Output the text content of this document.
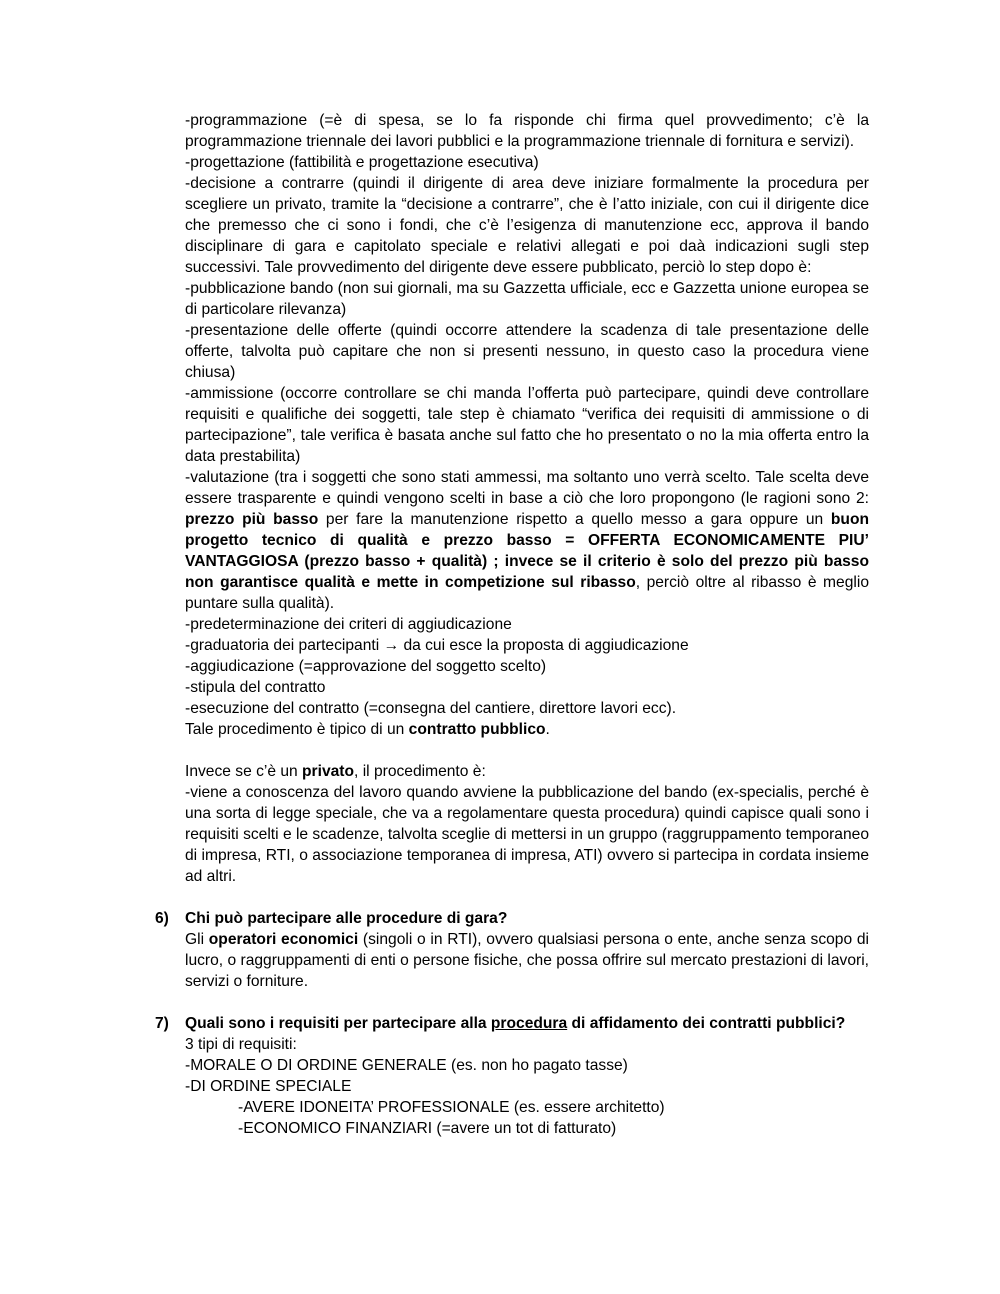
-programmazione (=è di spesa, se lo fa risponde chi firma quel provvedimento; c’è la programmazione triennale dei lavori pubblici e la programmazione triennale di fornitura e servizi).

-progettazione (fattibilità e progettazione esecutiva)

-decisione a contrarre (quindi il dirigente di area deve iniziare formalmente la procedura per scegliere un privato, tramite la “decisione a contrarre”, che è l’atto iniziale, con cui il dirigente dice che premesso che ci sono i fondi, che c’è l’esigenza di manutenzione ecc, approva il bando disciplinare di gara e capitolato speciale e relativi allegati e poi daà indicazioni sugli step successivi. Tale provvedimento del dirigente deve essere pubblicato, perciò lo step dopo è:

-pubblicazione bando (non sui giornali, ma su Gazzetta ufficiale, ecc e Gazzetta unione europea se di particolare rilevanza)

-presentazione delle offerte (quindi occorre attendere la scadenza di tale presentazione delle offerte, talvolta può capitare che non si presenti nessuno, in questo caso la procedura viene chiusa)

-ammissione (occorre controllare se chi manda l’offerta può partecipare, quindi deve controllare requisiti e qualifiche dei soggetti, tale step è chiamato “verifica dei requisiti di ammissione o di partecipazione”, tale verifica è basata anche sul fatto che ho presentato o no la mia offerta entro la data prestabilita)

-valutazione (tra i soggetti che sono stati ammessi, ma soltanto uno verrà scelto. Tale scelta deve essere trasparente e quindi vengono scelti in base a ciò che loro propongono (le ragioni sono 2: prezzo più basso per fare la manutenzione rispetto a quello messo a gara oppure un buon progetto tecnico di qualità e prezzo basso = OFFERTA ECONOMICAMENTE PIU’ VANTAGGIOSA (prezzo basso + qualità) ; invece se il criterio è solo del prezzo più basso non garantisce qualità e mette in competizione sul ribasso, perciò oltre al ribasso è meglio puntare sulla qualità).

-predeterminazione dei criteri di aggiudicazione

-graduatoria dei partecipanti → da cui esce la proposta di aggiudicazione

-aggiudicazione (=approvazione del soggetto scelto)

-stipula del contratto

-esecuzione del contratto (=consegna del cantiere, direttore lavori ecc).

Tale procedimento è tipico di un contratto pubblico.

Invece se c’è un privato, il procedimento è:

-viene a conoscenza del lavoro quando avviene la pubblicazione del bando (ex-specialis, perché è una sorta di legge speciale, che va a regolamentare questa procedura) quindi capisce quali sono i requisiti scelti e le scadenze, talvolta sceglie di mettersi in un gruppo (raggruppamento temporaneo di impresa, RTI, o associazione temporanea di impresa, ATI) ovvero si partecipa in cordata insieme ad altri.

6) Chi può partecipare alle procedure di gara?

Gli operatori economici (singoli o in RTI), ovvero qualsiasi persona o ente, anche senza scopo di lucro, o raggruppamenti di enti o persone fisiche, che possa offrire sul mercato prestazioni di lavori, servizi o forniture.

7) Quali sono i requisiti per partecipare alla procedura di affidamento dei contratti pubblici?

3 tipi di requisiti:

-MORALE O DI ORDINE GENERALE (es. non ho pagato tasse)

-DI ORDINE SPECIALE

-AVERE IDONEITA’ PROFESSIONALE (es. essere architetto)

-ECONOMICO FINANZIARI (=avere un tot di fatturato)
